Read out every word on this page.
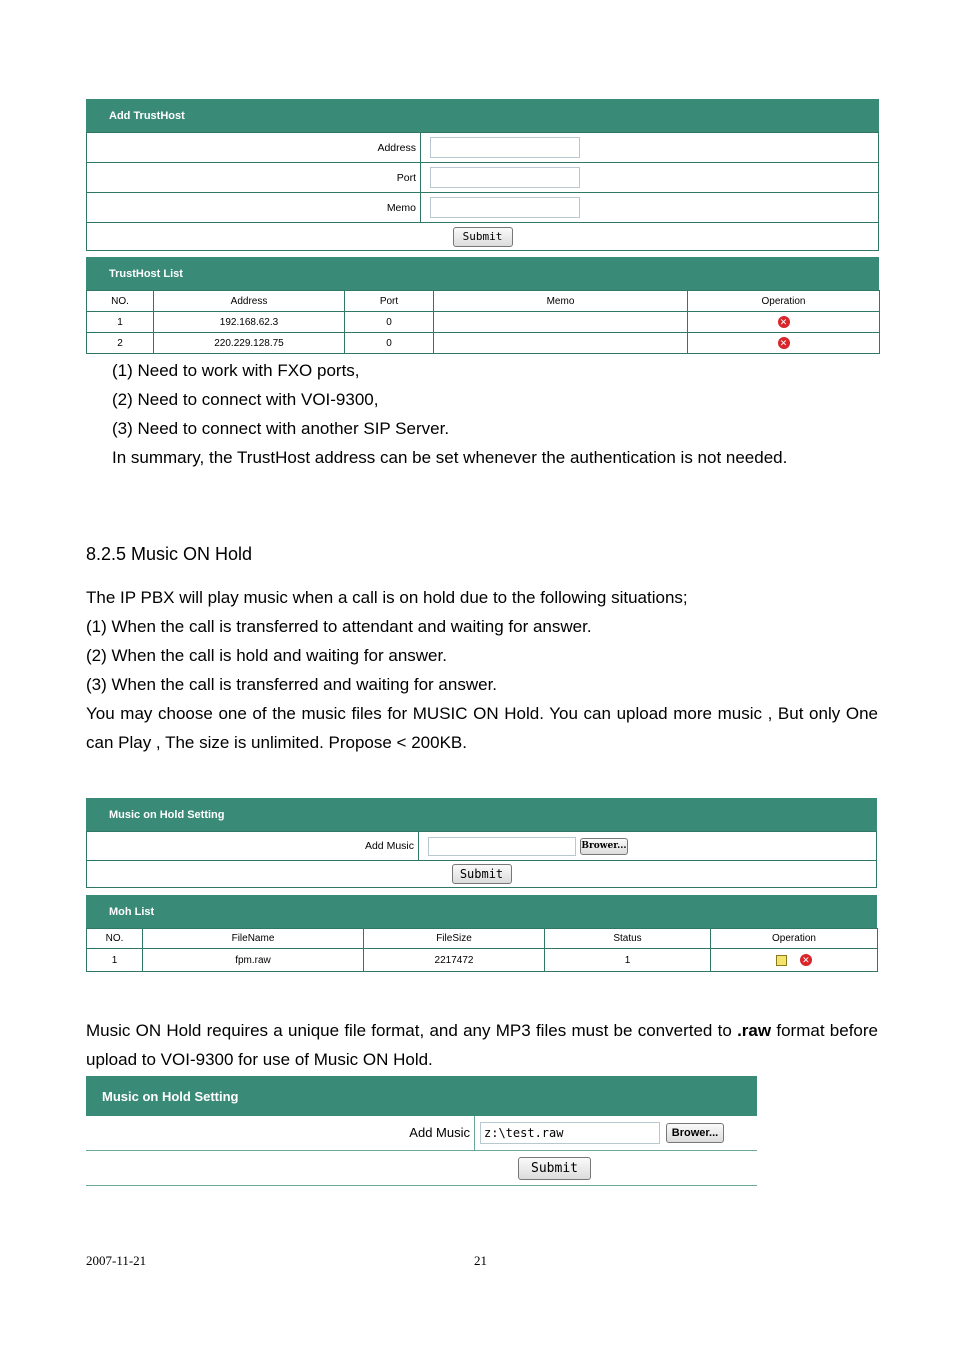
Add TrustHost
Address
Port
Memo
Submit
TrustHost List
NO.	Address	Port	Memo	Operation
1	192.168.62.3	0		✕
2	220.229.128.75	0		✕
(1) Need to work with FXO ports,
(2) Need to connect with VOI-9300,
(3) Need to connect with another SIP Server.
In summary, the TrustHost address can be set whenever the authentication is not needed.
8.2.5 Music ON Hold
The IP PBX will play music when a call is on hold due to the following situations;
(1) When the call is transferred to attendant and waiting for answer.
(2) When the call is hold and waiting for answer.
(3) When the call is transferred and waiting for answer.
You may choose one of the music files for MUSIC ON Hold. You can upload more music , But only One can Play , The size is unlimited. Propose < 200KB.
Music on Hold Setting
Add Music	Brower...
Submit
Moh List
NO.	FileName	FileSize	Status	Operation
1	fpm.raw	2217472	1	✕
Music ON Hold requires a unique file format, and any MP3 files must be converted to .raw format before upload to VOI-9300 for use of Music ON Hold.
Music on Hold Setting
Add Music	z:\test.raw	Brower...
Submit
2007-11-21	21
